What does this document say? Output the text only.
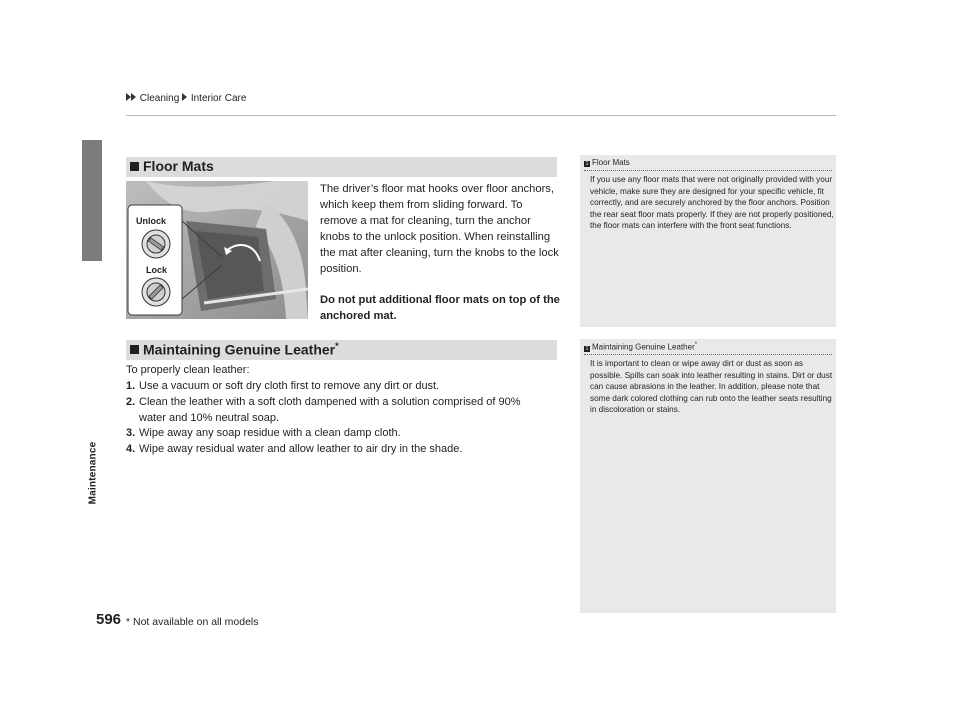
Cleaning Interior Care
Maintenance
Floor Mats
Unlock
Lock
The driver’s floor mat hooks over floor anchors, which keep them from sliding forward. To remove a mat for cleaning, turn the anchor knobs to the unlock position. When reinstalling the mat after cleaning, turn the knobs to the lock position.
Do not put additional floor mats on top of the anchored mat.
1 Floor Mats
If you use any floor mats that were not originally provided with your vehicle, make sure they are designed for your specific vehicle, fit correctly, and are securely anchored by the floor anchors. Position the rear seat floor mats properly. If they are not properly positioned, the floor mats can interfere with the front seat functions.
Maintaining Genuine Leather*	1 Maintaining Genuine Leather*
It is important to clean or wipe away dirt or dust as soon as possible. Spills can soak into leather resulting in stains. Dirt or dust can cause abrasions in the leather. In addition, please note that some dark colored clothing can rub onto the leather seats resulting in discoloration or stains.
To properly clean leather:
1. Use a vacuum or soft dry cloth first to remove any dirt or dust.
2. Clean the leather with a soft cloth dampened with a solution comprised of 90%
water and 10% neutral soap.
3. Wipe away any soap residue with a clean damp cloth.
4. Wipe away residual water and allow leather to air dry in the shade.
596 * Not available on all models
